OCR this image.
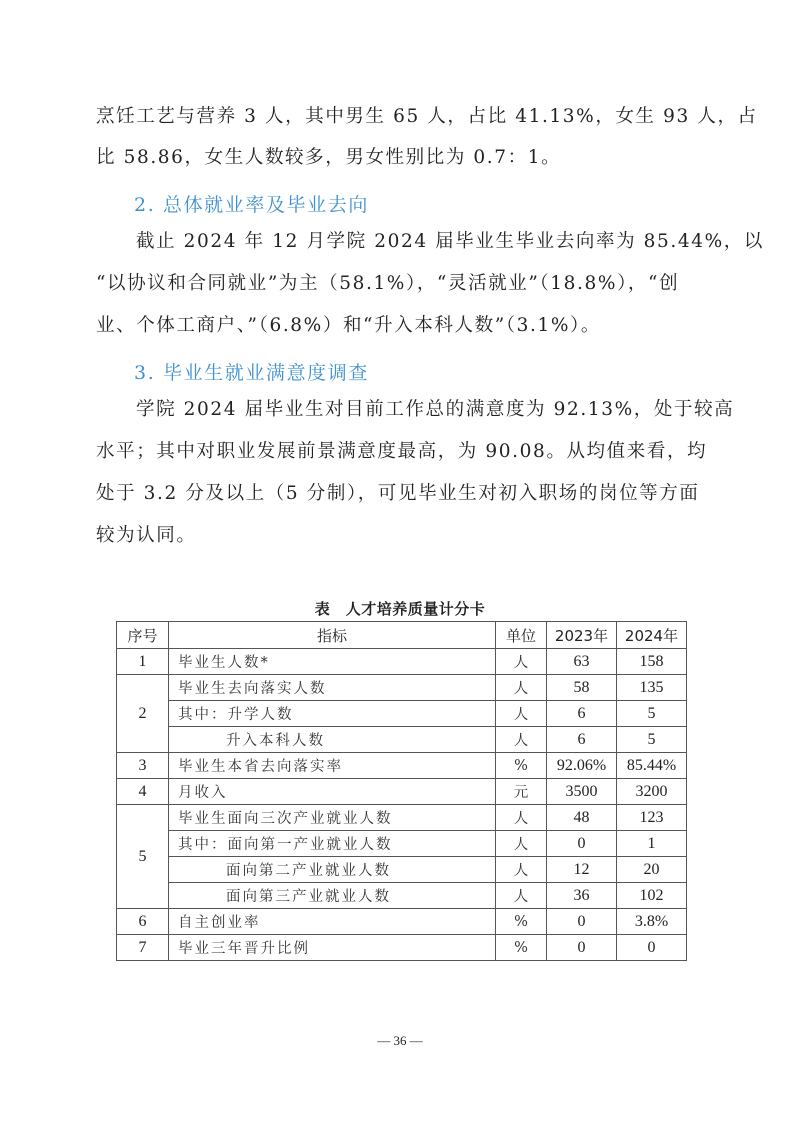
烹饪工艺与营养 3 人，其中男生 65 人，占比 41.13%，女生 93 人，占
比 58.86，女生人数较多，男女性别比为 0.7：1。
2. 总体就业率及毕业去向
截止 2024 年 12 月学院 2024 届毕业生毕业去向率为 85.44%，以
“以协议和合同就业”为主（58.1%），“灵活就业”（18.8%），“创
业、个体工商户、”（6.8%）和“升入本科人数”（3.1%）。
3. 毕业生就业满意度调查
学院 2024 届毕业生对目前工作总的满意度为 92.13%，处于较高
水平；其中对职业发展前景满意度最高，为 90.08。从均值来看，均
处于 3.2 分及以上（5 分制），可见毕业生对初入职场的岗位等方面
较为认同。
表　人才培养质量计分卡
序号	指标	单位	2023年	2024年
1	毕业生人数*	人	63	158
2	毕业生去向落实人数	人	58	135
	其中：升学人数	人	6	5
	升入本科人数	人	6	5
3	毕业生本省去向落实率	%	92.06%	85.44%
4	月收入	元	3500	3200
5	毕业生面向三次产业就业人数	人	48	123
	其中：面向第一产业就业人数	人	0	1
	面向第二产业就业人数	人	12	20
	面向第三产业就业人数	人	36	102
6	自主创业率	%	0	3.8%
7	毕业三年晋升比例	%	0	0
— 36 —
